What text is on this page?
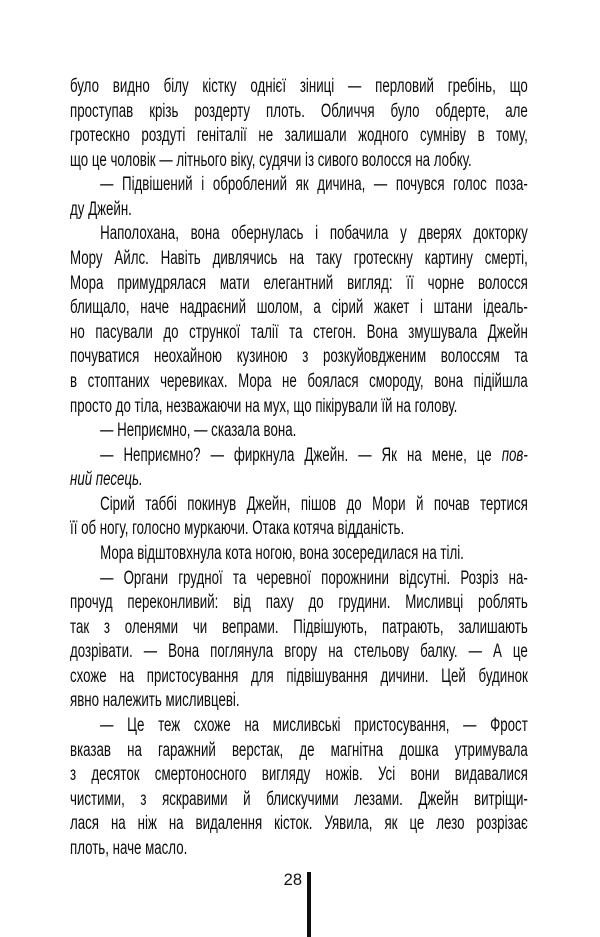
було видно білу кістку однієї зіниці — перловий гребінь, що
проступав крізь роздерту плоть. Обличчя було обдерте, але
гротескно роздуті геніталії не залишали жодного сумніву в тому,
що це чоловік — літнього віку, судячи із сивого волосся на лобку.
— Підвішений і оброблений як дичина, — почувся голос поза-
ду Джейн.
Наполохана, вона обернулась і побачила у дверях докторку
Мору Айлс. Навіть дивлячись на таку гротескну картину смерті,
Мора примудрялася мати елегантний вигляд: її чорне волосся
блищало, наче надраєний шолом, а сірий жакет і штани ідеаль-
но пасували до стрункої талії та стегон. Вона змушувала Джейн
почуватися неохайною кузиною з розкуйовдженим волоссям та
в стоптаних черевиках. Мора не боялася смороду, вона підійшла
просто до тіла, незважаючи на мух, що пікірували їй на голову.
— Неприємно, — сказала вона.
— Неприємно? — фиркнула Джейн. — Як на мене, це пов-
ний песець.
Сірий таббі покинув Джейн, пішов до Мори й почав тертися
її об ногу, голосно муркаючи. Отака котяча відданість.
Мора відштовхнула кота ногою, вона зосередилася на тілі.
— Органи грудної та черевної порожнини відсутні. Розріз на-
прочуд переконливий: від паху до грудини. Мисливці роблять
так з оленями чи вепрами. Підвішують, патрають, залишають
дозрівати. — Вона поглянула вгору на стельову балку. — А це
схоже на пристосування для підвішування дичини. Цей будинок
явно належить мисливцеві.
— Це теж схоже на мисливські пристосування, — Фрост
вказав на гаражний верстак, де магнітна дошка утримувала
з десяток смертоносного вигляду ножів. Усі вони видавалися
чистими, з яскравими й блискучими лезами. Джейн витріщи-
лася на ніж на видалення кісток. Уявила, як це лезо розрізає
плоть, наче масло.
28
